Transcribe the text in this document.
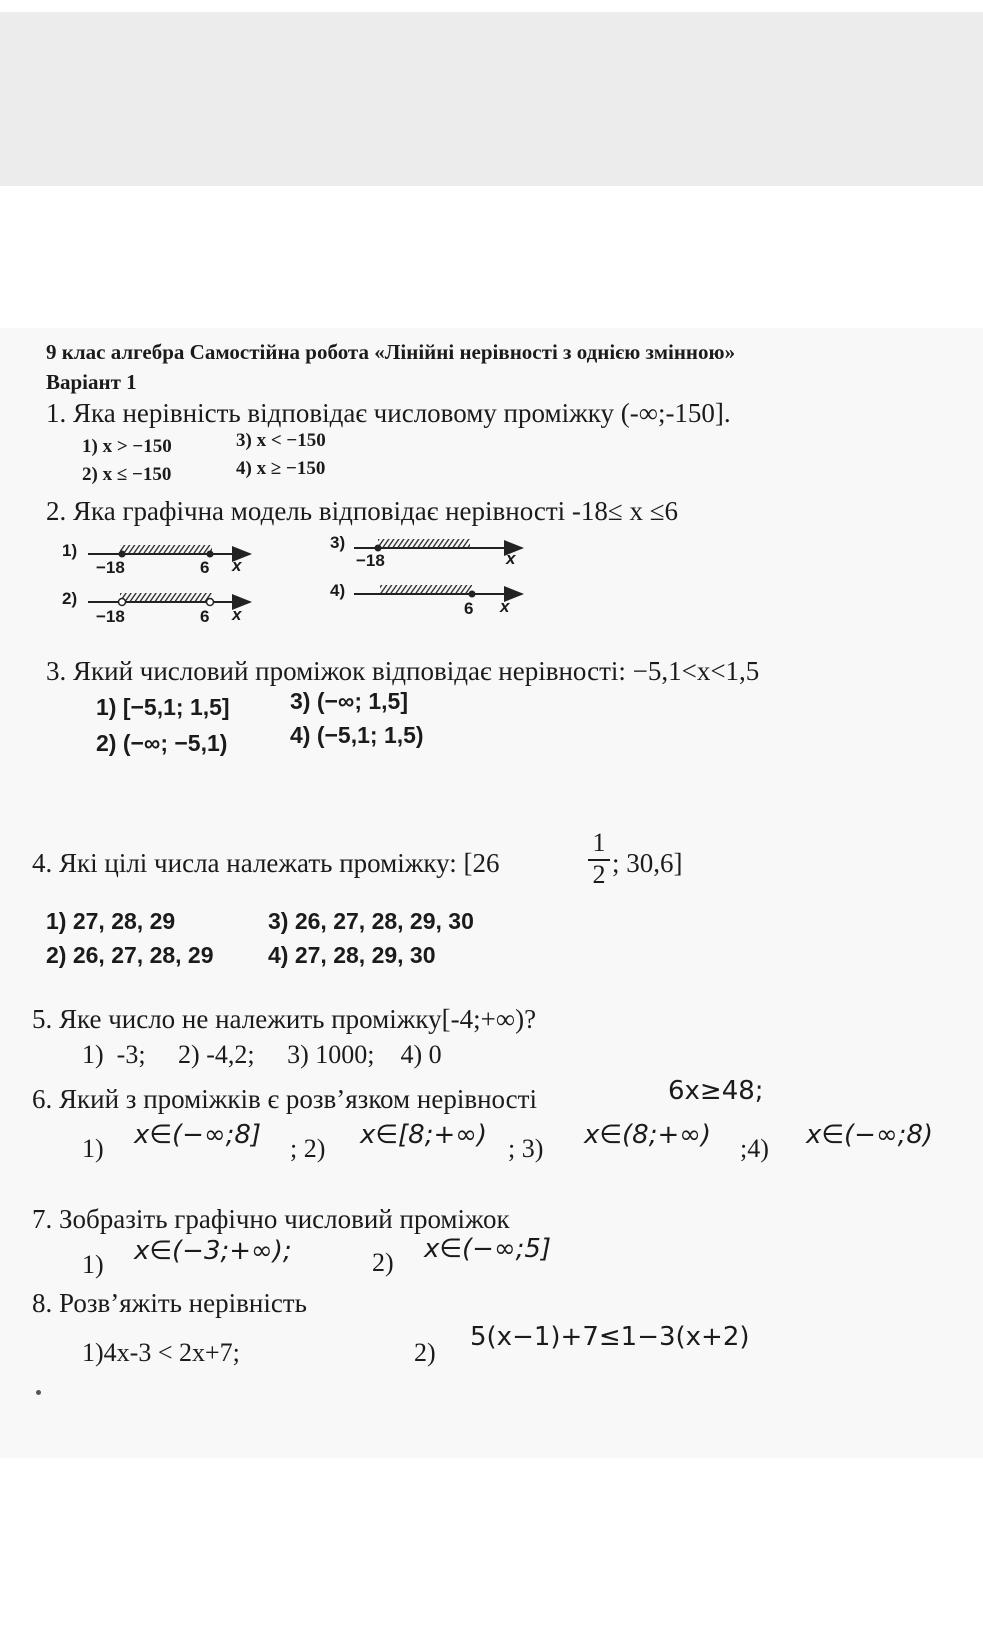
9 клас алгебра Самостійна робота «Лінійні нерівності з однією змінною»
Варіант 1
1. Яка нерівність відповідає числовому проміжку (-∞;-150].
1) x > −150	3) x < −150
2) x ≤ −150	4) x ≥ −150
2. Яка графічна модель відповідає нерівності -18≤ x ≤6
1)
−18	6 x
2)
−18	6 x
3)
−18	x
4)
6 x
3. Який числовий проміжок відповідає нерівності: −5,1<x<1,5
1) [−5,1; 1,5]	3) (−∞; 1,5]
2) (−∞; −5,1)	4) (−5,1; 1,5)
4. Які цілі числа належать проміжку: [26
1
2 ; 30,6]
1) 27, 28, 29	3) 26, 27, 28, 29, 30
2) 26, 27, 28, 29 4) 27, 28, 29, 30
5. Яке число не належить проміжку[-4;+∞)?
1)  -3;     2) -4,2;     3) 1000;    4) 0
6. Який з проміжків є розв’язком нерівності	6x≥48;
1) x∈(−∞;8] ; 2) x∈[8;+∞) ; 3) x∈(8;+∞) ;4) x∈(−∞;8)
7. Зобразіть графічно числовий проміжок
1) x∈(−3;+∞);	2) x∈(−∞;5]
8. Розв’яжіть нерівність
1)4x-3 < 2x+7;	2)
5(x−1)+7≤1−3(x+2)
